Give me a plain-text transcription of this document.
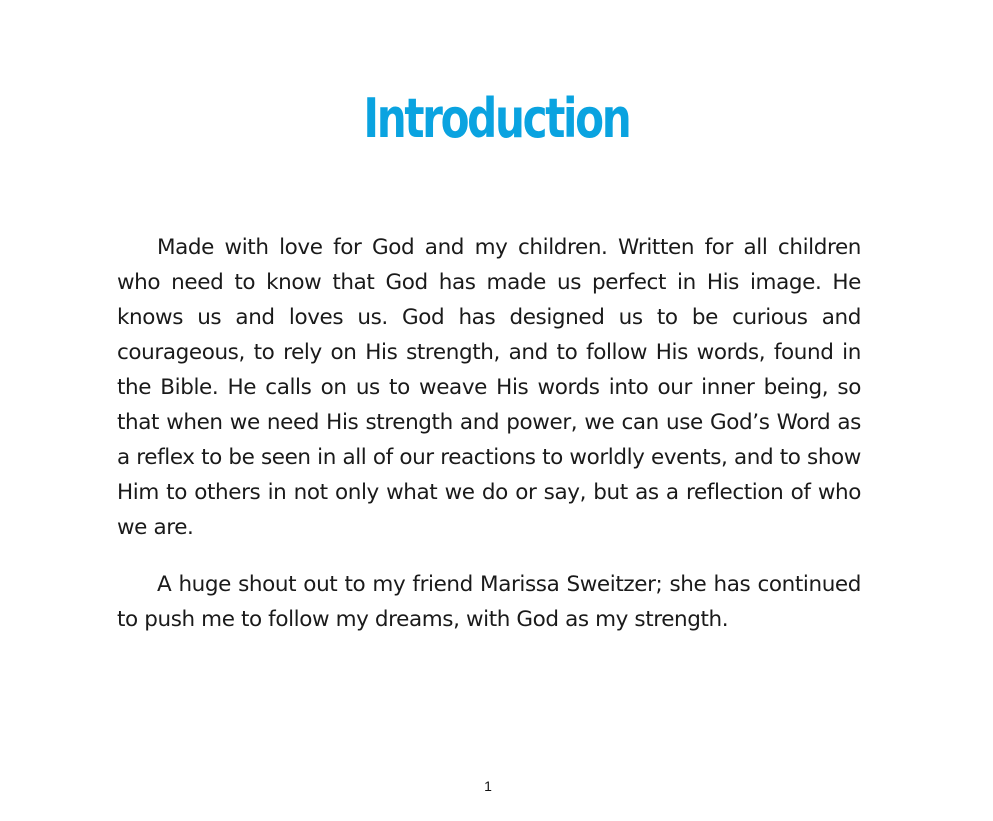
Introduction

Made with love for God and my children. Written for all children who need to know that God has made us perfect in His image. He knows us and loves us. God has designed us to be curious and courageous, to rely on His strength, and to follow His words, found in the Bible. He calls on us to weave His words into our inner being, so that when we need His strength and power, we can use God’s Word as a reflex to be seen in all of our reactions to worldly events, and to show Him to others in not only what we do or say, but as a reflection of who we are.

A huge shout out to my friend Marissa Sweitzer; she has continued to push me to follow my dreams, with God as my strength.

1
